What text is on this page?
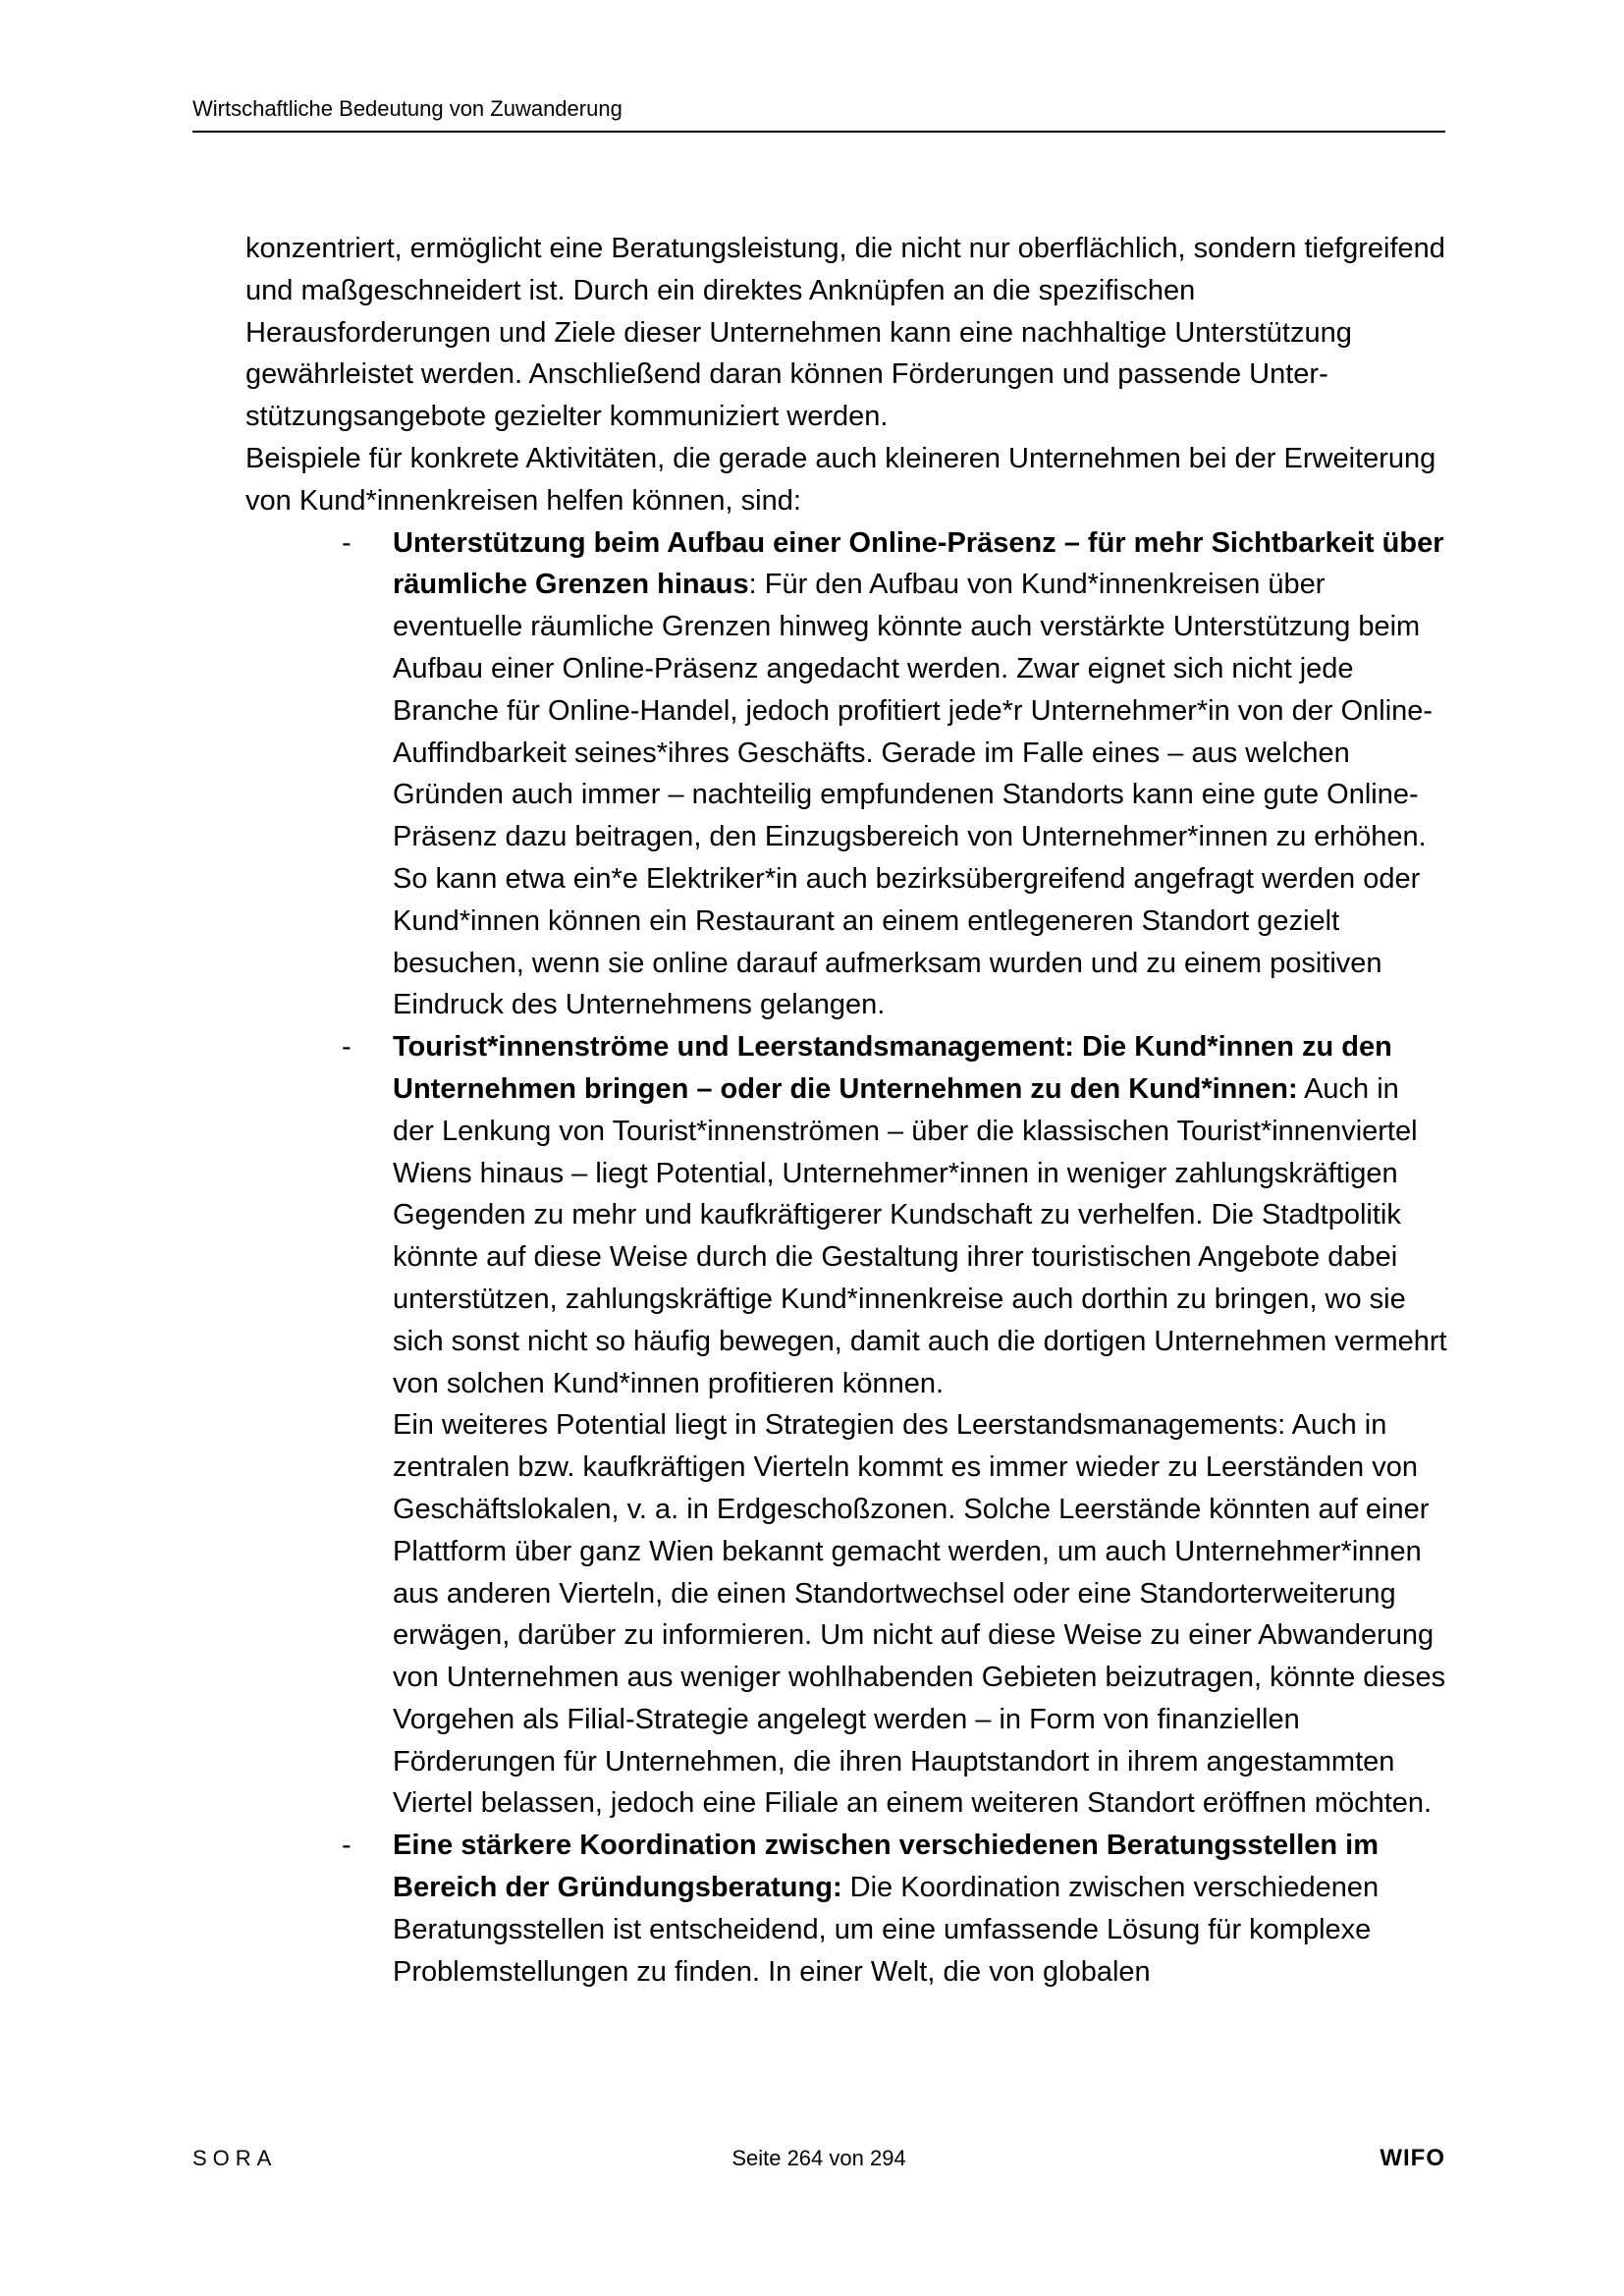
Wirtschaftliche Bedeutung von Zuwanderung

konzentriert, ermöglicht eine Beratungsleistung, die nicht nur oberflächlich, sondern tiefgreifend und maßgeschneidert ist. Durch ein direktes Anknüpfen an die spezifischen Herausforderungen und Ziele dieser Unternehmen kann eine nachhaltige Unterstützung gewährleistet werden. Anschließend daran können Förderungen und passende Unterstützungsangebote gezielter kommuniziert werden.

Beispiele für konkrete Aktivitäten, die gerade auch kleineren Unternehmen bei der Erweiterung von Kund*innenkreisen helfen können, sind:

- Unterstützung beim Aufbau einer Online-Präsenz – für mehr Sichtbarkeit über räumliche Grenzen hinaus: Für den Aufbau von Kund*innenkreisen über eventuelle räumliche Grenzen hinweg könnte auch verstärkte Unterstützung beim Aufbau einer Online-Präsenz angedacht werden. Zwar eignet sich nicht jede Branche für Online-Handel, jedoch profitiert jede*r Unternehmer*in von der Online-Auffindbarkeit seines*ihres Geschäfts. Gerade im Falle eines – aus welchen Gründen auch immer – nachteilig empfundenen Standorts kann eine gute Online-Präsenz dazu beitragen, den Einzugsbereich von Unternehmer*innen zu erhöhen. So kann etwa ein*e Elektriker*in auch bezirksübergreifend angefragt werden oder Kund*innen können ein Restaurant an einem entlegeneren Standort gezielt besuchen, wenn sie online darauf aufmerksam wurden und zu einem positiven Eindruck des Unternehmens gelangen.
- Tourist*innenströme und Leerstandsmanagement: Die Kund*innen zu den Unternehmen bringen – oder die Unternehmen zu den Kund*innen: Auch in der Lenkung von Tourist*innenströmen – über die klassischen Tourist*innenviertel Wiens hinaus – liegt Potential, Unternehmer*innen in weniger zahlungskräftigen Gegenden zu mehr und kaufkräftigerer Kundschaft zu verhelfen. Die Stadtpolitik könnte auf diese Weise durch die Gestaltung ihrer touristischen Angebote dabei unterstützen, zahlungskräftige Kund*innenkreise auch dorthin zu bringen, wo sie sich sonst nicht so häufig bewegen, damit auch die dortigen Unternehmen vermehrt von solchen Kund*innen profitieren können.
Ein weiteres Potential liegt in Strategien des Leerstandsmanagements: Auch in zentralen bzw. kaufkräftigen Vierteln kommt es immer wieder zu Leerständen von Geschäftslokalen, v. a. in Erdgeschoßzonen. Solche Leerstände könnten auf einer Plattform über ganz Wien bekannt gemacht werden, um auch Unternehmer*innen aus anderen Vierteln, die einen Standortwechsel oder eine Standorterweiterung erwägen, darüber zu informieren. Um nicht auf diese Weise zu einer Abwanderung von Unternehmen aus weniger wohlhabenden Gebieten beizutragen, könnte dieses Vorgehen als Filial-Strategie angelegt werden – in Form von finanziellen Förderungen für Unternehmen, die ihren Hauptstandort in ihrem angestammten Viertel belassen, jedoch eine Filiale an einem weiteren Standort eröffnen möchten.
- Eine stärkere Koordination zwischen verschiedenen Beratungsstellen im Bereich der Gründungsberatung: Die Koordination zwischen verschiedenen Beratungsstellen ist entscheidend, um eine umfassende Lösung für komplexe Problemstellungen zu finden. In einer Welt, die von globalen
SORA	Seite 264 von 294	WIFO
